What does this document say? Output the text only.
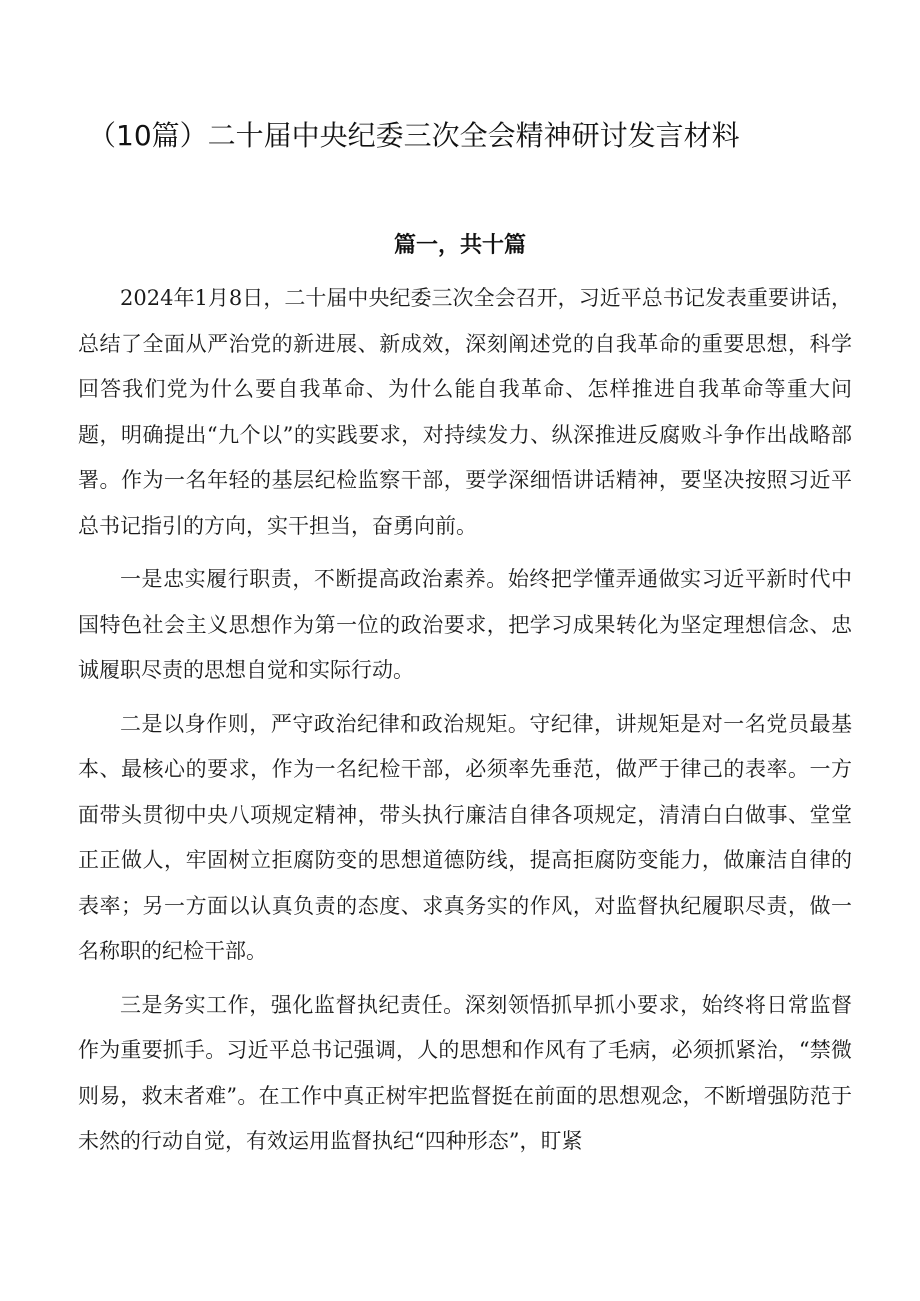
（10篇）二十届中央纪委三次全会精神研讨发言材料
篇一，共十篇

2024年1月8日，二十届中央纪委三次全会召开，习近平总书记发表重要讲话，总结了全面从严治党的新进展、新成效，深刻阐述党的自我革命的重要思想，科学回答我们党为什么要自我革命、为什么能自我革命、怎样推进自我革命等重大问题，明确提出“九个以”的实践要求，对持续发力、纵深推进反腐败斗争作出战略部署。作为一名年轻的基层纪检监察干部，要学深细悟讲话精神，要坚决按照习近平总书记指引的方向，实干担当，奋勇向前。

一是忠实履行职责，不断提高政治素养。始终把学懂弄通做实习近平新时代中国特色社会主义思想作为第一位的政治要求，把学习成果转化为坚定理想信念、忠诚履职尽责的思想自觉和实际行动。

二是以身作则，严守政治纪律和政治规矩。守纪律，讲规矩是对一名党员最基本、最核心的要求，作为一名纪检干部，必须率先垂范，做严于律己的表率。一方面带头贯彻中央八项规定精神，带头执行廉洁自律各项规定，清清白白做事、堂堂正正做人，牢固树立拒腐防变的思想道德防线，提高拒腐防变能力，做廉洁自律的表率；另一方面以认真负责的态度、求真务实的作风，对监督执纪履职尽责，做一名称职的纪检干部。

三是务实工作，强化监督执纪责任。深刻领悟抓早抓小要求，始终将日常监督作为重要抓手。习近平总书记强调，人的思想和作风有了毛病，必须抓紧治，“禁微则易，救末者难”。在工作中真正树牢把监督挺在前面的思想观念，不断增强防范于未然的行动自觉，有效运用监督执纪“四种形态”，盯紧
